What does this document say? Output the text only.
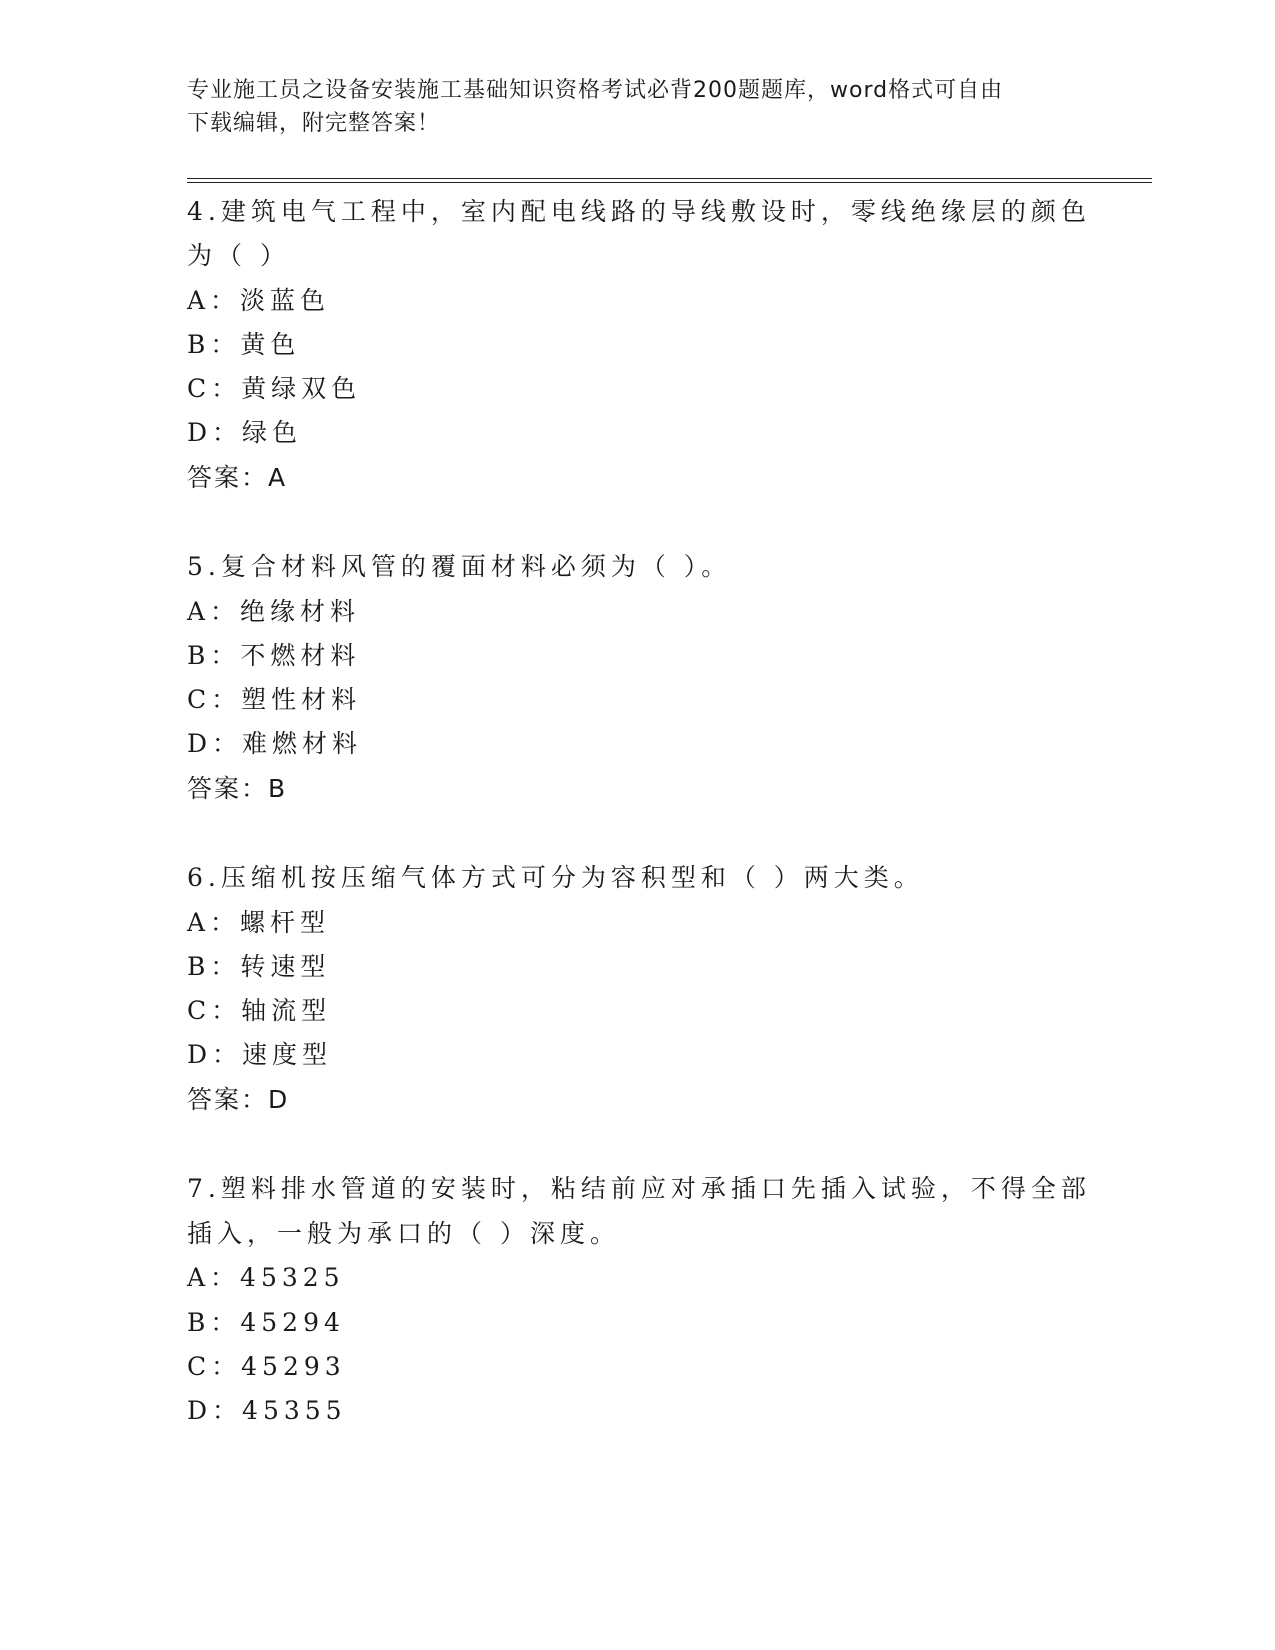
专业施工员之设备安装施工基础知识资格考试必背200题题库，word格式可自由
下载编辑，附完整答案！
4.建筑电气工程中，室内配电线路的导线敷设时，零线绝缘层的颜色
为（ ）
A：淡蓝色
B：黄色
C：黄绿双色
D：绿色
答案：A
5.复合材料风管的覆面材料必须为（ ）。
A：绝缘材料
B：不燃材料
C：塑性材料
D：难燃材料
答案：B
6.压缩机按压缩气体方式可分为容积型和（ ）两大类。
A：螺杆型
B：转速型
C：轴流型
D：速度型
答案：D
7.塑料排水管道的安装时，粘结前应对承插口先插入试验，不得全部
插入，一般为承口的（ ）深度。
A：45325
B：45294
C：45293
D：45355
